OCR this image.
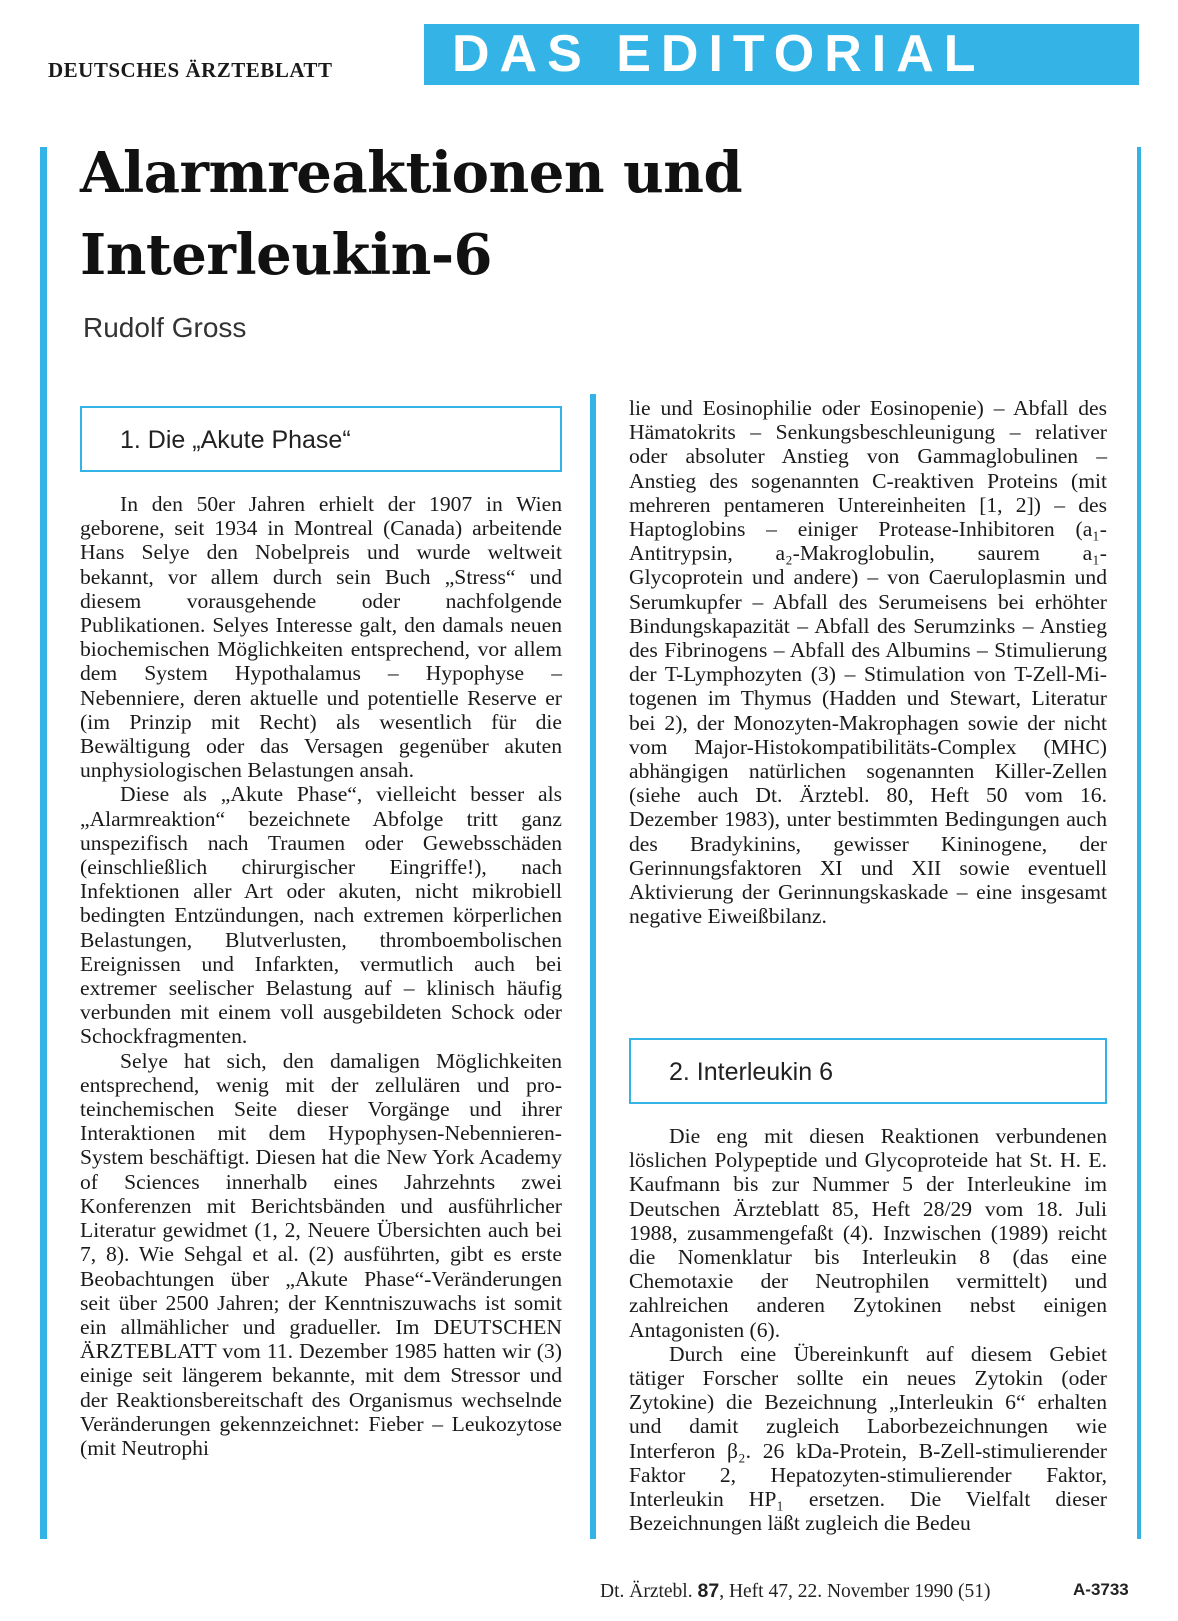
DEUTSCHES ÄRZTEBLATT DAS EDITORIAL
Alarmreaktionen und
Interleukin-6
Rudolf Gross
1. Die „Akute Phase“

In den 50er Jahren erhielt der 1907 in Wien geborene, seit 1934 in Montreal (Canada) arbeitende Hans Selye den Nobelpreis und wurde weltweit bekannt, vor allem durch sein Buch „Stress“ und diesem vorausgehende oder nachfolgende Publikationen. Selyes Interesse galt, den damals neuen biochemischen Möglichkeiten entsprechend, vor allem dem System Hypothalamus – Hypophyse – Nebenniere, deren aktuelle und potentielle Reserve er (im Prinzip mit Recht) als wesentlich für die Bewältigung oder das Versagen gegenüber akuten unphysiologischen Belastungen ansah.

Diese als „Akute Phase“, vielleicht besser als „Alarmreaktion“ bezeichnete Abfolge tritt ganz unspezifisch nach Traumen oder Gewebsschäden (einschließlich chirurgischer Eingriffe!), nach Infektionen aller Art oder akuten, nicht mikrobiell bedingten Entzündungen, nach extremen körperlichen Belastungen, Blutverlusten, thromboembolischen Ereignissen und Infarkten, vermutlich auch bei extremer seelischer Belastung auf – klinisch häufig verbunden mit einem voll ausgebildeten Schock oder Schockfragmenten.

Selye hat sich, den damaligen Möglichkeiten entsprechend, wenig mit der zellulären und proteinchemischen Seite dieser Vorgänge und ihrer Interaktionen mit dem Hypophysen-Nebennieren-System beschäftigt. Diesen hat die New York Academy of Sciences innerhalb eines Jahrzehnts zwei Konferenzen mit Berichtsbänden und ausführlicher Literatur gewidmet (1, 2, Neuere Übersichten auch bei 7, 8). Wie Sehgal et al. (2) ausführten, gibt es erste Beobachtungen über „Akute Phase“-Veränderungen seit über 2500 Jahren; der Kenntniszuwachs ist somit ein allmählicher und gradueller. Im DEUTSCHEN ÄRZTEBLATT vom 11. Dezember 1985 hatten wir (3) einige seit längerem bekannte, mit dem Stressor und der Reaktionsbereitschaft des Organismus wechselnde Veränderungen gekennzeichnet: Fieber – Leukozytose (mit Neutrophi

lie und Eosinophilie oder Eosinopenie) – Abfall des Hämatokrits – Senkungsbeschleunigung – relativer oder absoluter Anstieg von Gammaglobulinen – Anstieg des sogenannten C-reaktiven Proteins (mit mehreren pentameren Untereinheiten [1, 2]) – des Haptoglobins – einiger Protease-Inhibitoren (a₁-Antitrypsin, a₂-Makroglobulin, saurem a₁-Glycoprotein und andere) – von Caeruloplasmin und Serumkupfer – Abfall des Serumeisens bei erhöhter Bindungskapazität – Abfall des Serumzinks – Anstieg des Fibrinogens – Abfall des Albumins – Stimulierung der T-Lymphozyten (3) – Stimulation von T-Zell-Mitogenen im Thymus (Hadden und Stewart, Literatur bei 2), der Monozyten-Makrophagen sowie der nicht vom Major-Histokompatibilitäts-Complex (MHC) abhängigen natürlichen sogenannten Killer-Zellen (siehe auch Dt. Ärztebl. 80, Heft 50 vom 16. Dezember 1983), unter bestimmten Bedingungen auch des Bradykinins, gewisser Kininogene, der Gerinnungsfaktoren XI und XII sowie eventuell Aktivierung der Gerinnungskaskade – eine insgesamt negative Eiweißbilanz.

2. Interleukin 6

Die eng mit diesen Reaktionen verbundenen löslichen Polypeptide und Glycoproteide hat St. H. E. Kaufmann bis zur Nummer 5 der Interleukine im Deutschen Ärzteblatt 85, Heft 28/29 vom 18. Juli 1988, zusammengefaßt (4). Inzwischen (1989) reicht die Nomenklatur bis Interleukin 8 (das eine Chemotaxie der Neutrophilen vermittelt) und zahlreichen anderen Zytokinen nebst einigen Antagonisten (6).

Durch eine Übereinkunft auf diesem Gebiet tätiger Forscher sollte ein neues Zytokin (oder Zytokine) die Bezeichnung „Interleukin 6“ erhalten und damit zugleich Laborbezeichnungen wie Interferon β₂. 26 kDa-Protein, B-Zell-stimulierender Faktor 2, Hepatozyten-stimulierender Faktor, Interleukin HP₁ ersetzen. Die Vielfalt dieser Bezeichnungen läßt zugleich die Bedeu

Dt. Ärztebl. 87, Heft 47, 22. November 1990 (51)	A-3733
